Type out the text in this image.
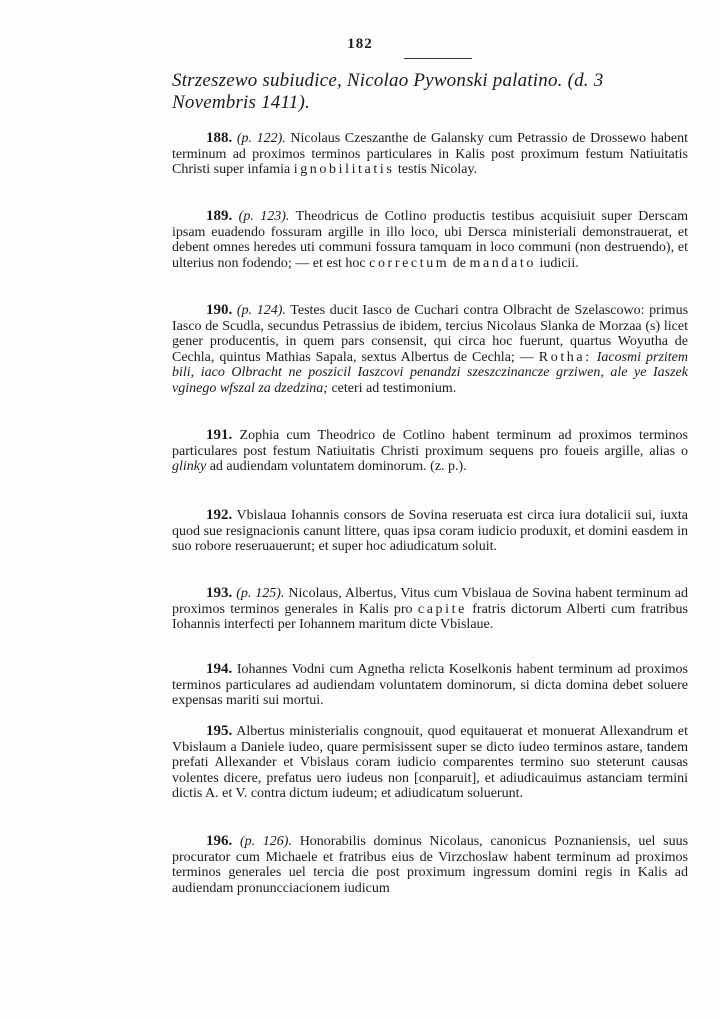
182
Strzeszewo subiudice, Nicolao Pywonski palatino. (d. 3 Novembris 1411).
188. (p. 122). Nicolaus Czeszanthe de Galansky cum Petrassio de Drossewo habent terminum ad proximos terminos particulares in Kalis post proximum festum Natiuitatis Christi super infamia ignobilitatis testis Nicolay.
189. (p. 123). Theodricus de Cotlino productis testibus acquisiuit super Derscam ipsam euadendo fossuram argille in illo loco, ubi Dersca ministeriali demonstrauerat, et debent omnes heredes uti communi fossura tamquam in loco communi (non destruendo), et ulterius non fodendo; — et est hoc correctum de mandato iudicii.
190. (p. 124). Testes ducit Iasco de Cuchari contra Olbracht de Szelascowo: primus Iasco de Scudla, secundus Petrassius de ibidem, tercius Nicolaus Slanka de Morzaa (s) licet gener producentis, in quem pars consensit, qui circa hoc fuerunt, quartus Woyutha de Cechla, quintus Mathias Sapala, sextus Albertus de Cechla; — Rotha: Iacosmi przitem bili, iaco Olbracht ne poszicil Iaszcovi penandzi szeszczinancze grziwen, ale ye Iaszek vginego wfszal za dzedzina; ceteri ad testimonium.
191. Zophia cum Theodrico de Cotlino habent terminum ad proximos terminos particulares post festum Natiuitatis Christi proximum sequens pro foueis argille, alias o glinky ad audiendam voluntatem dominorum. (z. p.).
192. Vbislaua Iohannis consors de Sovina reseruata est circa iura dotalicii sui, iuxta quod sue resignacionis canunt littere, quas ipsa coram iudicio produxit, et domini easdem in suo robore reseruauerunt; et super hoc adiudicatum soluit.
193. (p. 125). Nicolaus, Albertus, Vitus cum Vbislaua de Sovina habent terminum ad proximos terminos generales in Kalis pro capite fratris dictorum Alberti cum fratribus Iohannis interfecti per Iohannem maritum dicte Vbislaue.
194. Iohannes Vodni cum Agnetha relicta Koselkonis habent terminum ad proximos terminos particulares ad audiendam voluntatem dominorum, si dicta domina debet soluere expensas mariti sui mortui.
195. Albertus ministerialis congnouit, quod equitauerat et monuerat Allexandrum et Vbislaum a Daniele iudeo, quare permisissent super se dicto iudeo terminos astare, tandem prefati Allexander et Vbislaus coram iudicio comparentes termino suo steterunt causas volentes dicere, prefatus uero iudeus non [conparuit], et adiudicauimus astanciam termini dictis A. et V. contra dictum iudeum; et adiudicatum soluerunt.
196. (p. 126). Honorabilis dominus Nicolaus, canonicus Poznaniensis, uel suus procurator cum Michaele et fratribus eius de Virzchoslaw habent terminum ad proximos terminos generales uel tercia die post proximum ingressum domini regis in Kalis ad audiendam pronuncciacionem iudicum
